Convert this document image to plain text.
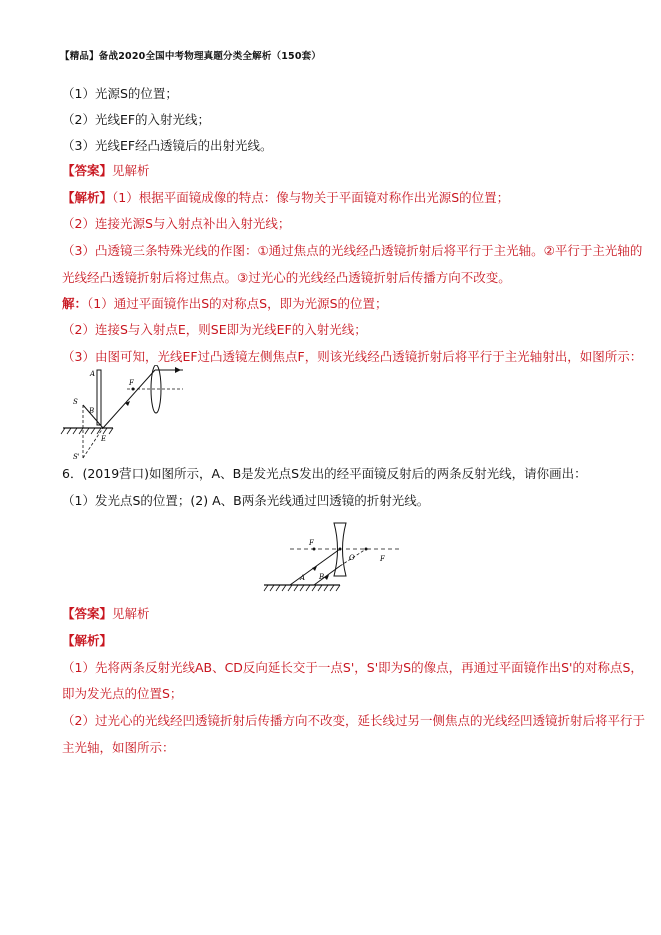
【精品】备战2020全国中考物理真题分类全解析（150套）
（1）光源S的位置；
（2）光线EF的入射光线；
（3）光线EF经凸透镜后的出射光线。
【答案】见解析
【解析】（1）根据平面镜成像的特点：像与物关于平面镜对称作出光源S的位置；
（2）连接光源S与入射点补出入射光线；
（3）凸透镜三条特殊光线的作图：①通过焦点的光线经凸透镜折射后将平行于主光轴。②平行于主光轴的
光线经凸透镜折射后将过焦点。③过光心的光线经凸透镜折射后传播方向不改变。
解：（1）通过平面镜作出S的对称点S，即为光源S的位置；
（2）连接S与入射点E，则SE即为光线EF的入射光线；
（3）由图可知，光线EF过凸透镜左侧焦点F，则该光线经凸透镜折射后将平行于主光轴射出，如图所示：
A
B
S
S'
E
F
6．(2019营口)如图所示，A、B是发光点S发出的经平面镜反射后的两条反射光线，请你画出：
（1）发光点S的位置；(2) A、B两条光线通过凹透镜的折射光线。
F
O	F
A B
【答案】见解析
【解析】
（1）先将两条反射光线AB、CD反向延长交于一点S'，S'即为S的像点，再通过平面镜作出S'的对称点S，
即为发光点的位置S；
（2）过光心的光线经凹透镜折射后传播方向不改变，延长线过另一侧焦点的光线经凹透镜折射后将平行于
主光轴，如图所示：
